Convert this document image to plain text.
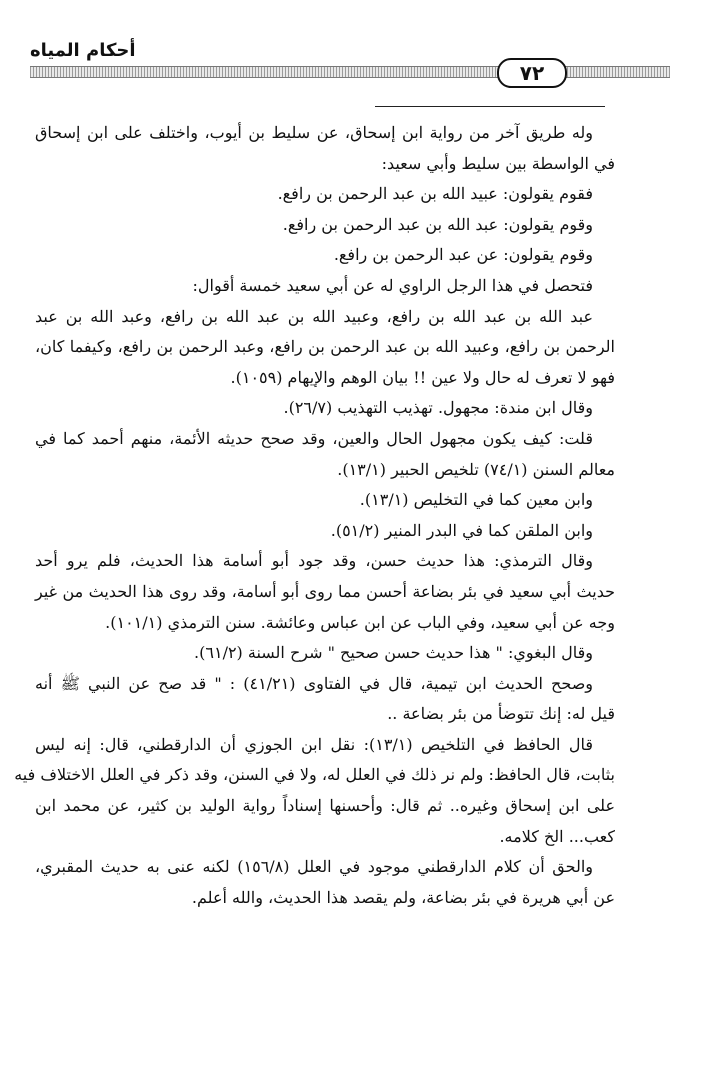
أحكام المياه
٧٢
وله طريق آخر من رواية ابن إسحاق، عن سليط بن أيوب، واختلف على ابن إسحاق
في الواسطة بين سليط وأبي سعيد:
فقوم يقولون: عبيد الله بن عبد الرحمن بن رافع.
وقوم يقولون: عبد الله بن عبد الرحمن بن رافع.
وقوم يقولون: عن عبد الرحمن بن رافع.
فتحصل في هذا الرجل الراوي له عن أبي سعيد خمسة أقوال:
عبد الله بن عبد الله بن رافع، وعبيد الله بن عبد الله بن رافع، وعبد الله بن عبد
الرحمن بن رافع، وعبيد الله بن عبد الرحمن بن رافع، وعبد الرحمن بن رافع، وكيفما كان،
فهو لا تعرف له حال ولا عين !! بيان الوهم والإيهام (١٠٥٩).
وقال ابن مندة: مجهول. تهذيب التهذيب (٢٦/٧).
قلت: كيف يكون مجهول الحال والعين، وقد صحح حديثه الأئمة، منهم أحمد كما في
معالم السنن (٧٤/١) تلخيص الحبير (١٣/١).
وابن معين كما في التخليص (١٣/١).
وابن الملقن كما في البدر المنير (٥١/٢).
وقال الترمذي: هذا حديث حسن، وقد جود أبو أسامة هذا الحديث، فلم يرو أحد
حديث أبي سعيد في بئر بضاعة أحسن مما روى أبو أسامة، وقد روى هذا الحديث من غير
وجه عن أبي سعيد، وفي الباب عن ابن عباس وعائشة. سنن الترمذي (١٠١/١).
وقال البغوي: " هذا حديث حسن صحيح " شرح السنة (٦١/٢).
وصحح الحديث ابن تيمية، قال في الفتاوى (٤١/٢١) : " قد صح عن النبي ﷺ أنه
قيل له: إنك تتوضأ من بئر بضاعة ..
قال الحافظ في التلخيص (١٣/١): نقل ابن الجوزي أن الدارقطني، قال: إنه ليس
بثابت، قال الحافظ: ولم نر ذلك في العلل له، ولا في السنن، وقد ذكر في العلل الاختلاف فيه
على ابن إسحاق وغيره.. ثم قال: وأحسنها إسناداً رواية الوليد بن كثير، عن محمد ابن
كعب... الخ كلامه.
والحق أن كلام الدارقطني موجود في العلل (١٥٦/٨) لكنه عنى به حديث المقبري،
عن أبي هريرة في بئر بضاعة، ولم يقصد هذا الحديث، والله أعلم.
